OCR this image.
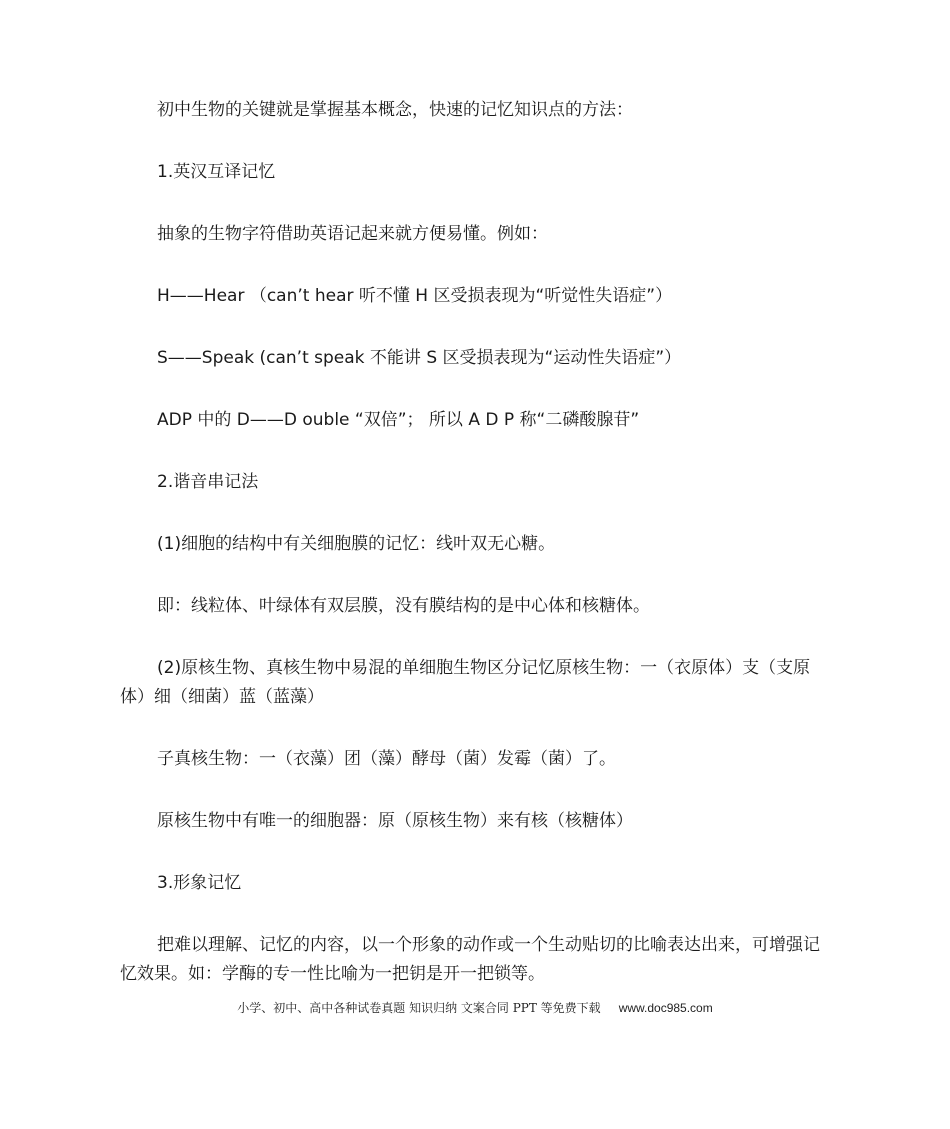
初中生物的关键就是掌握基本概念，快速的记忆知识点的方法：

1.英汉互译记忆

抽象的生物字符借助英语记起来就方便易懂。例如：

H——Hear （can’t hear 听不懂 H 区受损表现为“听觉性失语症”）

S——Speak (can’t speak 不能讲 S 区受损表现为“运动性失语症”）

ADP 中的 D——D ouble “双倍”； 所以 A D P 称“二磷酸腺苷”

2.谐音串记法

(1)细胞的结构中有关细胞膜的记忆：线叶双无心糖。

即：线粒体、叶绿体有双层膜，没有膜结构的是中心体和核糖体。

(2)原核生物、真核生物中易混的单细胞生物区分记忆原核生物：一（衣原体）支（支原体）细（细菌）蓝（蓝藻）

子真核生物：一（衣藻）团（藻）酵母（菌）发霉（菌）了。

原核生物中有唯一的细胞器：原（原核生物）来有核（核糖体）

3.形象记忆

把难以理解、记忆的内容，以一个形象的动作或一个生动贴切的比喻表达出来，可增强记忆效果。如：学酶的专一性比喻为一把钥是开一把锁等。

小学、初中、高中各种试卷真题 知识归纳 文案合同 PPT 等免费下载 www.doc985.com
